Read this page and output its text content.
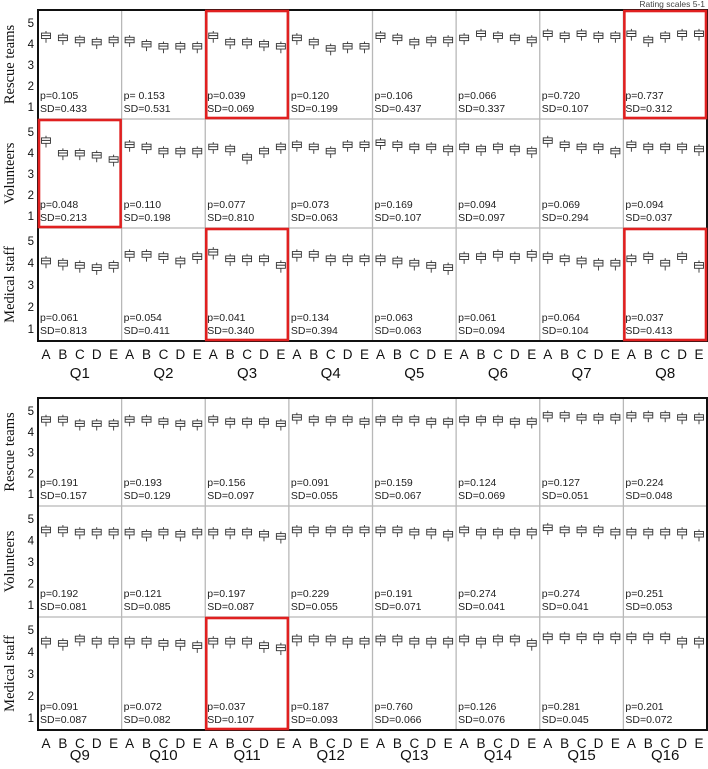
Rating scales 5-1
5
4
3
2
1
Rescue teams p=0.105
SD=0.433
p= 0.153
SD=0.531
p=0.039
SD=0.069
p=0.120
SD=0.199
p=0.106
SD=0.437
p=0.066
SD=0.337
p=0.720
SD=0.107
p=0.737
SD=0.312
5
4
3
2
1
Volunteers
p=0.048
SD=0.213
p=0.110
SD=0.198
p=0.077
SD=0.810
p=0.073
SD=0.063
p=0.169
SD=0.107
p=0.094
SD=0.097
p=0.069
SD=0.294
p=0.094
SD=0.037
5
4
3
2
1
Medical staff p=0.061
SD=0.813
p=0.054
SD=0.411
p=0.041
SD=0.340
p=0.134
SD=0.394
p=0.063
SD=0.063
p=0.061
SD=0.094
p=0.064
SD=0.104
p=0.037
SD=0.413
A B C D E
Q1
A B C D E
Q2
A B C D E
Q3
A B C D E
Q4
A B C D E
Q5
A B C D E
Q6
A B C D E
Q7
A B C D E
Q8
5
4
3
2
1
Rescue teams p=0.191
SD=0.157
p=0.193
SD=0.129
p=0.156
SD=0.097
p=0.091
SD=0.055
p=0.159
SD=0.067
p=0.124
SD=0.069
p=0.127
SD=0.051
p=0.224
SD=0.048
5
4
3
2
1
Volunteers
p=0.192
SD=0.081
p=0.121
SD=0.085
p=0.197
SD=0.087
p=0.229
SD=0.055
p=0.191
SD=0.071
p=0.274
SD=0.041
p=0.274
SD=0.041
p=0.251
SD=0.053
5
4
3
2
1
Medical staff p=0.091
SD=0.087
p=0.072
SD=0.082
p=0.037
SD=0.107
p=0.187
SD=0.093
p=0.760
SD=0.066
p=0.126
SD=0.076
p=0.281
SD=0.045
p=0.201
SD=0.072
A B C D E
Q9
A B C D E
Q10
A B C D E
Q11
A B C D E
Q12
A B C D E
Q13
A B C D E
Q14
A B C D E
Q15
A B C D E
Q16
